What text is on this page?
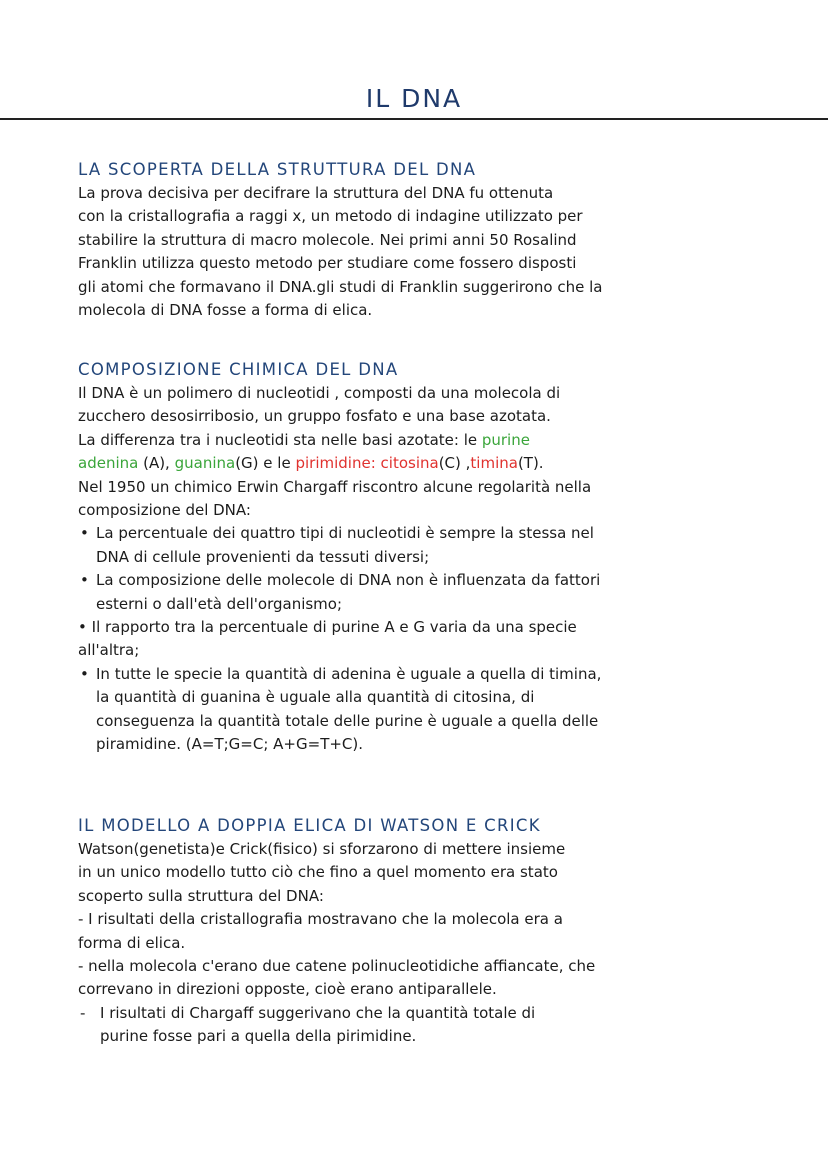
IL DNA
LA SCOPERTA DELLA STRUTTURA DEL DNA
La prova decisiva per decifrare la struttura del DNA fu ottenuta
con la cristallografia a raggi x, un metodo di indagine utilizzato per
stabilire la struttura di macro molecole. Nei primi anni 50 Rosalind
Franklin utilizza questo metodo per studiare come fossero disposti
gli atomi che formavano il DNA.gli studi di Franklin suggerirono che la
molecola di DNA fosse a forma di elica.
COMPOSIZIONE CHIMICA DEL DNA
Il DNA è un polimero di nucleotidi , composti da una molecola di
zucchero desosirribosio, un gruppo fosfato e una base azotata.
La differenza tra i nucleotidi sta nelle basi azotate: le purine
adenina (A), guanina(G) e le pirimidine: citosina(C) ,timina(T).
Nel 1950 un chimico Erwin Chargaff riscontro alcune regolarità nella
composizione del DNA:
• La percentuale dei quattro tipi di nucleotidi è sempre la stessa nel
DNA di cellule provenienti da tessuti diversi;
• La composizione delle molecole di DNA non è influenzata da fattori
esterni o dall'età dell'organismo;
• Il rapporto tra la percentuale di purine A e G varia da una specie
all'altra;
• In tutte le specie la quantità di adenina è uguale a quella di timina,
la quantità di guanina è uguale alla quantità di citosina, di
conseguenza la quantità totale delle purine è uguale a quella delle
piramidine. (A=T;G=C; A+G=T+C).
IL MODELLO A DOPPIA ELICA DI WATSON E CRICK
Watson(genetista)e Crick(fisico) si sforzarono di mettere insieme
in un unico modello tutto ciò che fino a quel momento era stato
scoperto sulla struttura del DNA:
- I risultati della cristallografia mostravano che la molecola era a
forma di elica.
- nella molecola c'erano due catene polinucleotidiche affiancate, che
correvano in direzioni opposte, cioè erano antiparallele.
- I risultati di Chargaff suggerivano che la quantità totale di
purine fosse pari a quella della pirimidine.
